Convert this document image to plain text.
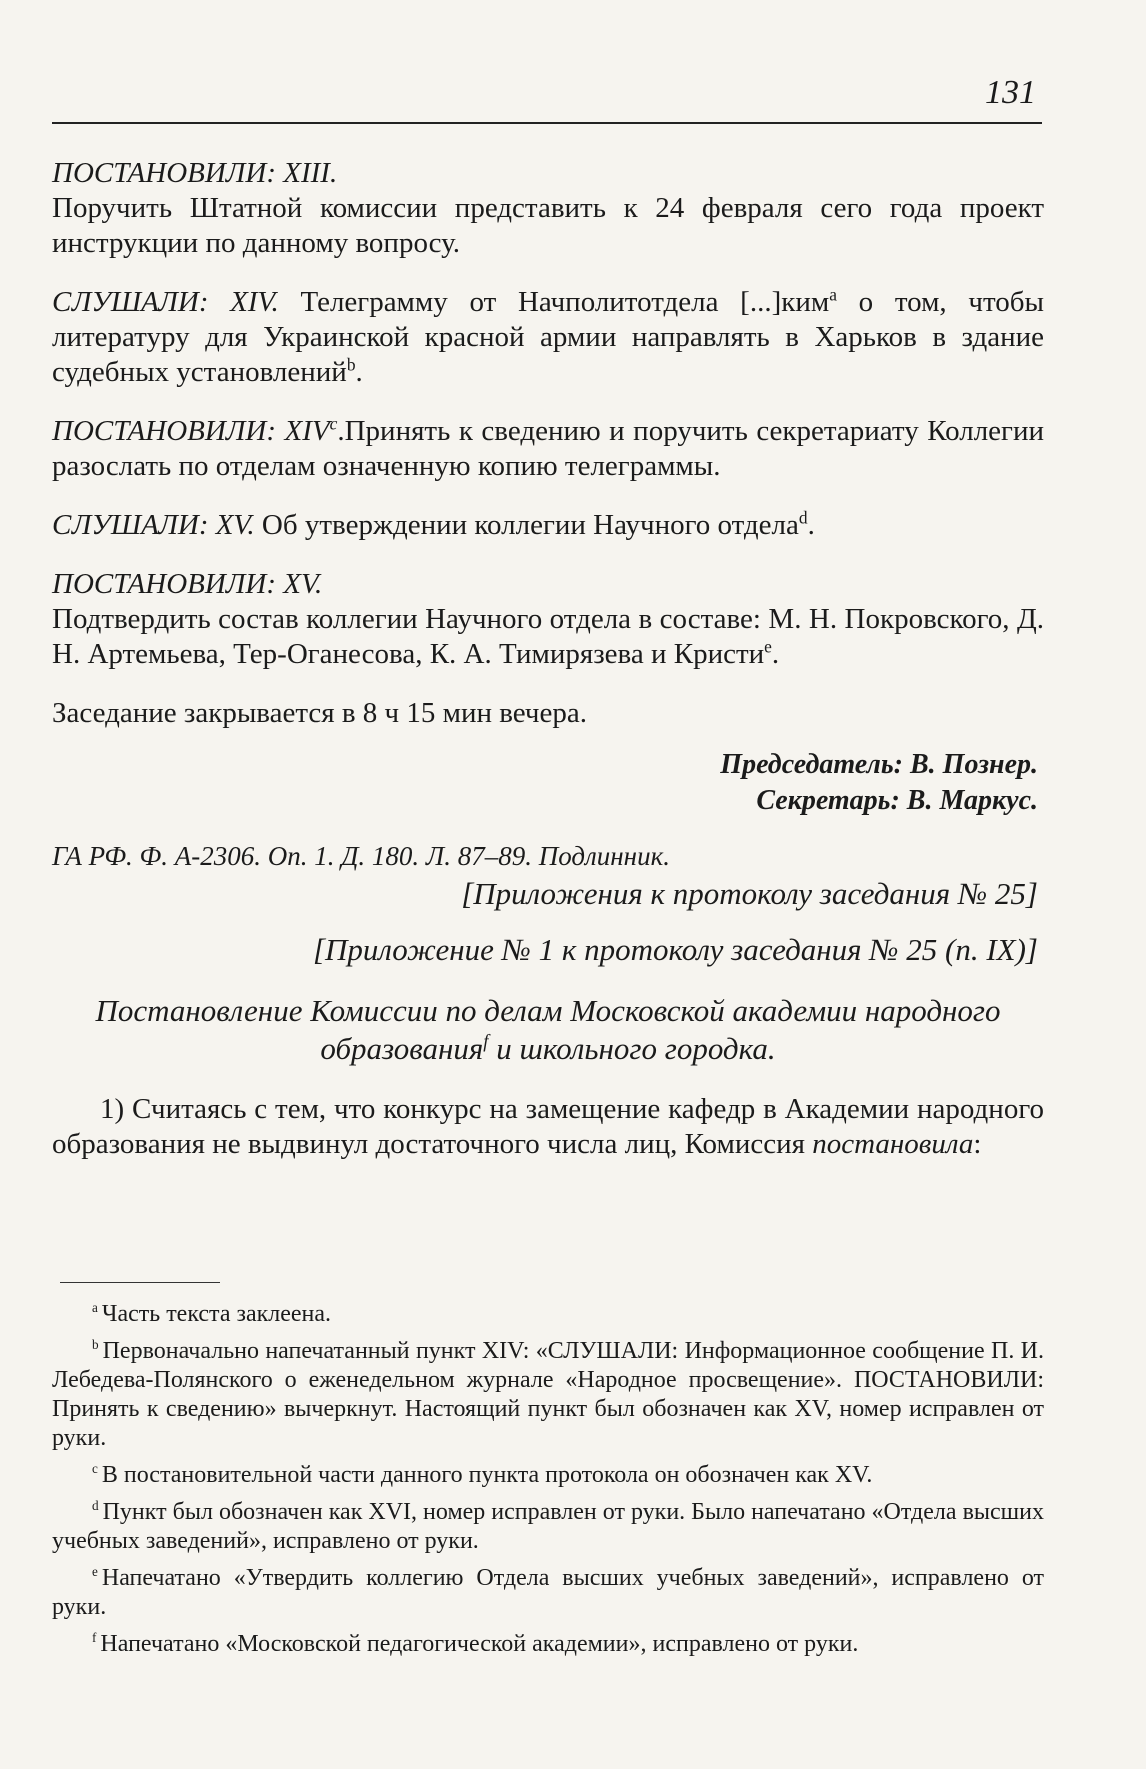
131

ПОСТАНОВИЛИ: XIII.
Поручить Штатной комиссии представить к 24 февраля сего года проект инструкции по данному вопросу.

СЛУШАЛИ: XIV. Телеграмму от Начполитотдела [...]ким$^a$ о том, чтобы литературу для Украинской красной армии направлять в Харьков в здание судебных установлений$^b$.

ПОСТАНОВИЛИ: XIV$^c$.Принять к сведению и поручить секретариату Коллегии разослать по отделам означенную копию телеграммы.

СЛУШАЛИ: XV. Об утверждении коллегии Научного отдела$^d$.

ПОСТАНОВИЛИ: XV.
Подтвердить состав коллегии Научного отдела в составе: М. Н. Покровского, Д. Н. Артемьева, Тер-Оганесова, К. А. Тимирязева и Кристи$^e$.

Заседание закрывается в 8 ч 15 мин вечера.

Председатель: В. Познер.

Секретарь: В. Маркус.

ГА РФ. Ф. А-2306. Оп. 1. Д. 180. Л. 87–89. Подлинник.

[Приложения к протоколу заседания № 25]

[Приложение № 1 к протоколу заседания № 25 (п. IX)]

Постановление Комиссии по делам Московской академии народного образования$^f$ и школьного городка.

1) Считаясь с тем, что конкурс на замещение кафедр в Академии народного образования не выдвинул достаточного числа лиц, Комиссия постановила:

$^a$ Часть текста заклеена.

$^b$ Первоначально напечатанный пункт XIV: «СЛУШАЛИ: Информационное сообщение П. И. Лебедева-Полянского о еженедельном журнале «Народное просвещение». ПОСТАНОВИЛИ: Принять к сведению» вычеркнут. Настоящий пункт был обозначен как XV, номер исправлен от руки.

$^c$ В постановительной части данного пункта протокола он обозначен как XV.

$^d$ Пункт был обозначен как XVI, номер исправлен от руки. Было напечатано «Отдела высших учебных заведений», исправлено от руки.

$^e$ Напечатано «Утвердить коллегию Отдела высших учебных заведений», исправлено от руки.

$^f$ Напечатано «Московской педагогической академии», исправлено от руки.
